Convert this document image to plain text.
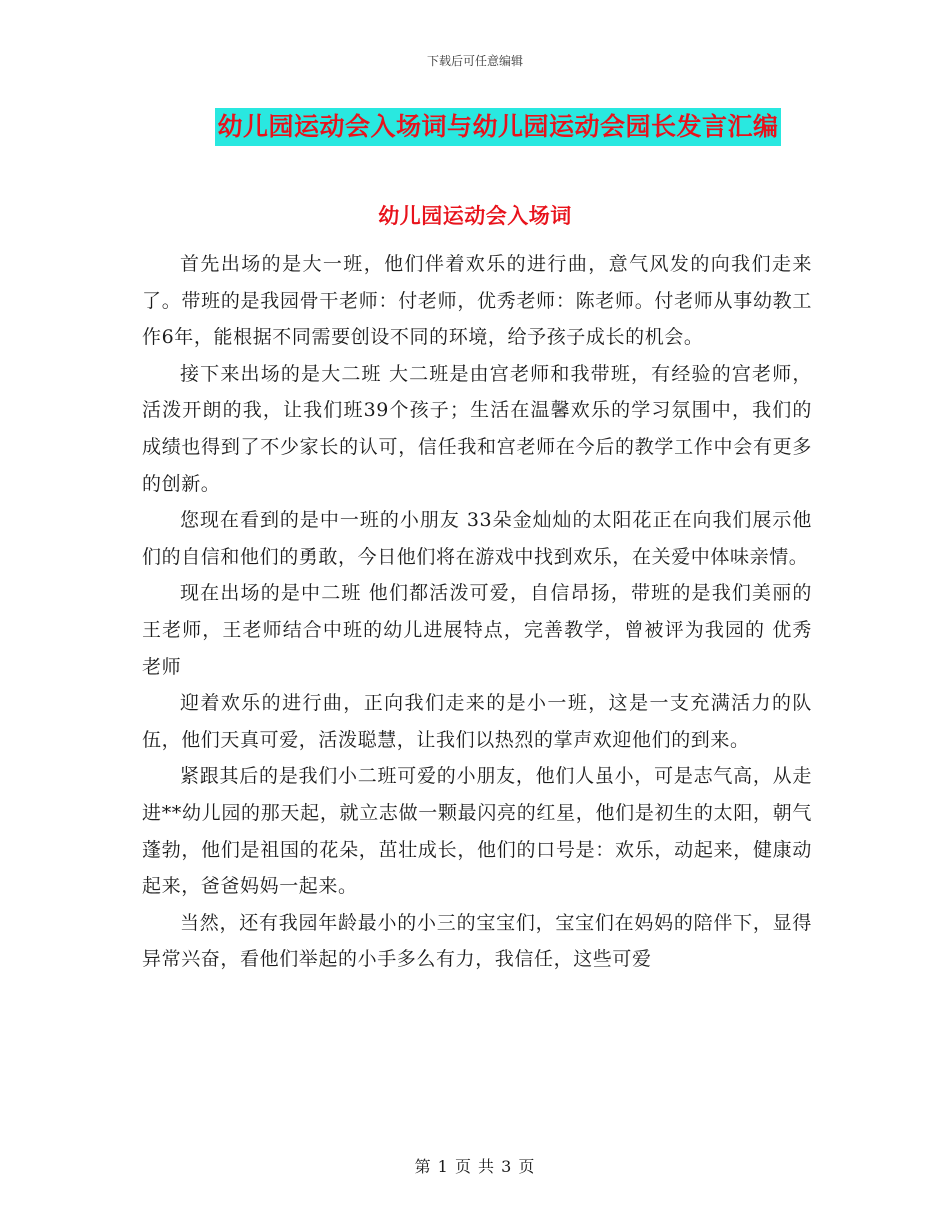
下载后可任意编辑
幼儿园运动会入场词与幼儿园运动会园长发言汇编
幼儿园运动会入场词

首先出场的是大一班，他们伴着欢乐的进行曲，意气风发的向我们走来了。带班的是我园骨干老师：付老师，优秀老师：陈老师。付老师从事幼教工作6年，能根据不同需要创设不同的环境，给予孩子成长的机会。

接下来出场的是大二班 大二班是由宫老师和我带班，有经验的宫老师，活泼开朗的我，让我们班39个孩子；生活在温馨欢乐的学习氛围中，我们的成绩也得到了不少家长的认可，信任我和宫老师在今后的教学工作中会有更多的创新。

您现在看到的是中一班的小朋友 33朵金灿灿的太阳花正在向我们展示他们的自信和他们的勇敢，今日他们将在游戏中找到欢乐，在关爱中体味亲情。

现在出场的是中二班 他们都活泼可爱，自信昂扬，带班的是我们美丽的王老师，王老师结合中班的幼儿进展特点，完善教学，曾被评为我园的 优秀老师

迎着欢乐的进行曲，正向我们走来的是小一班，这是一支充满活力的队伍，他们天真可爱，活泼聪慧，让我们以热烈的掌声欢迎他们的到来。

紧跟其后的是我们小二班可爱的小朋友，他们人虽小，可是志气高，从走进**幼儿园的那天起，就立志做一颗最闪亮的红星，他们是初生的太阳，朝气蓬勃，他们是祖国的花朵，茁壮成长，他们的口号是：欢乐，动起来，健康动起来，爸爸妈妈一起来。

当然，还有我园年龄最小的小三的宝宝们，宝宝们在妈妈的陪伴下，显得异常兴奋，看他们举起的小手多么有力，我信任，这些可爱

第 1 页 共 3 页
